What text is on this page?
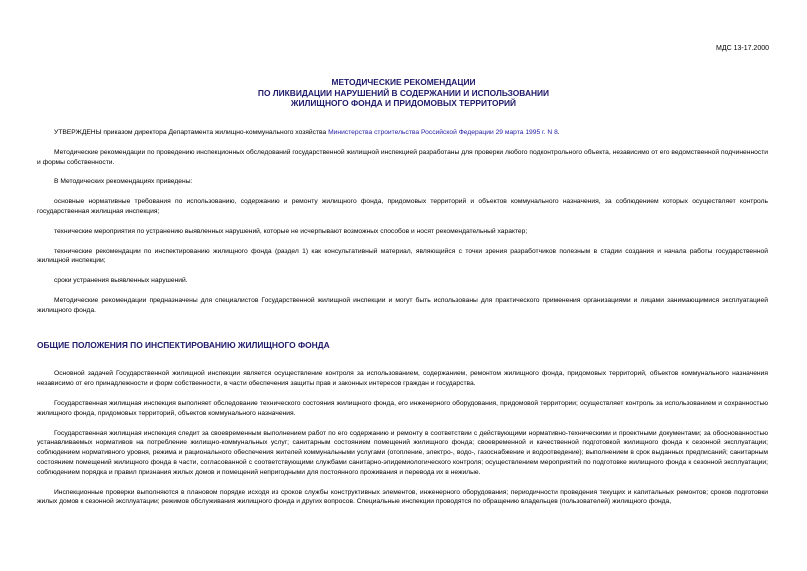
МДС 13-17.2000
МЕТОДИЧЕСКИЕ РЕКОМЕНДАЦИИ
ПО ЛИКВИДАЦИИ НАРУШЕНИЙ В СОДЕРЖАНИИ И ИСПОЛЬЗОВАНИИ
ЖИЛИЩНОГО ФОНДА И ПРИДОМОВЫХ ТЕРРИТОРИЙ

УТВЕРЖДЕНЫ приказом директора Департамента жилищно-коммунального хозяйства Министерства строительства Российской Федерации 29 марта 1995 г. N 8.

Методические рекомендации по проведению инспекционных обследований государственной жилищной инспекцией разработаны для проверки любого подконтрольного объекта, независимо от его ведомственной подчиненности и формы собственности.

В Методических рекомендациях приведены:

основные нормативные требования по использованию, содержанию и ремонту жилищного фонда, придомовых территорий и объектов коммунального назначения, за соблюдением которых осуществляет контроль государственная жилищная инспекция;

технические мероприятия по устранению выявленных нарушений, которые не исчерпывают возможных способов и носят рекомендательный характер;

технические рекомендации по инспектированию жилищного фонда (раздел 1) как консультативный материал, являющийся с точки зрения разработчиков полезным в стадии создания и начала работы государственной жилищной инспекции;

сроки устранения выявленных нарушений.

Методические рекомендации предназначены для специалистов Государственной жилищной инспекции и могут быть использованы для практического применения организациями и лицами занимающимися эксплуатацией жилищного фонда.

ОБЩИЕ ПОЛОЖЕНИЯ ПО ИНСПЕКТИРОВАНИЮ ЖИЛИЩНОГО ФОНДА

Основной задачей Государственной жилищной инспекции является осуществление контроля за использованием, содержанием, ремонтом жилищного фонда, придомовых территорий, объектов коммунального назначения независимо от его принадлежности и форм собственности, в части обеспечения защиты прав и законных интересов граждан и государства.

Государственная жилищная инспекция выполняет обследование технического состояния жилищного фонда, его инженерного оборудования, придомовой территории; осуществляет контроль за использованием и сохранностью жилищного фонда, придомовых территорий, объектов коммунального назначения.

Государственная жилищная инспекция следит за своевременным выполнением работ по его содержанию и ремонту в соответствии с действующими нормативно-техническими и проектными документами; за обоснованностью устанавливаемых нормативов на потребление жилищно-коммунальных услуг; санитарным состоянием помещений жилищного фонда; своевременной и качественной подготовкой жилищного фонда к сезонной эксплуатации; соблюдением нормативного уровня, режима и рационального обеспечения жителей коммунальными услугами (отопление, электро-, водо-, газоснабжение и водоотведение); выполнением в срок выданных предписаний; санитарным состоянием помещений жилищного фонда в части, согласованной с соответствующими службами санитарно-эпидемиологического контроля; осуществлением мероприятий по подготовке жилищного фонда к сезонной эксплуатации; соблюдением порядка и правил признания жилых домов и помещений непригодными для постоянного проживания и перевода их в нежилые.

Инспекционные проверки выполняются в плановом порядке исходя из сроков службы конструктивных элементов, инженерного оборудования; периодичности проведения текущих и капитальных ремонтов; сроков подготовки жилых домов к сезонной эксплуатации; режимов обслуживания жилищного фонда и других вопросов. Специальные инспекции проводятся по обращению владельцев (пользователей) жилищного фонда,
